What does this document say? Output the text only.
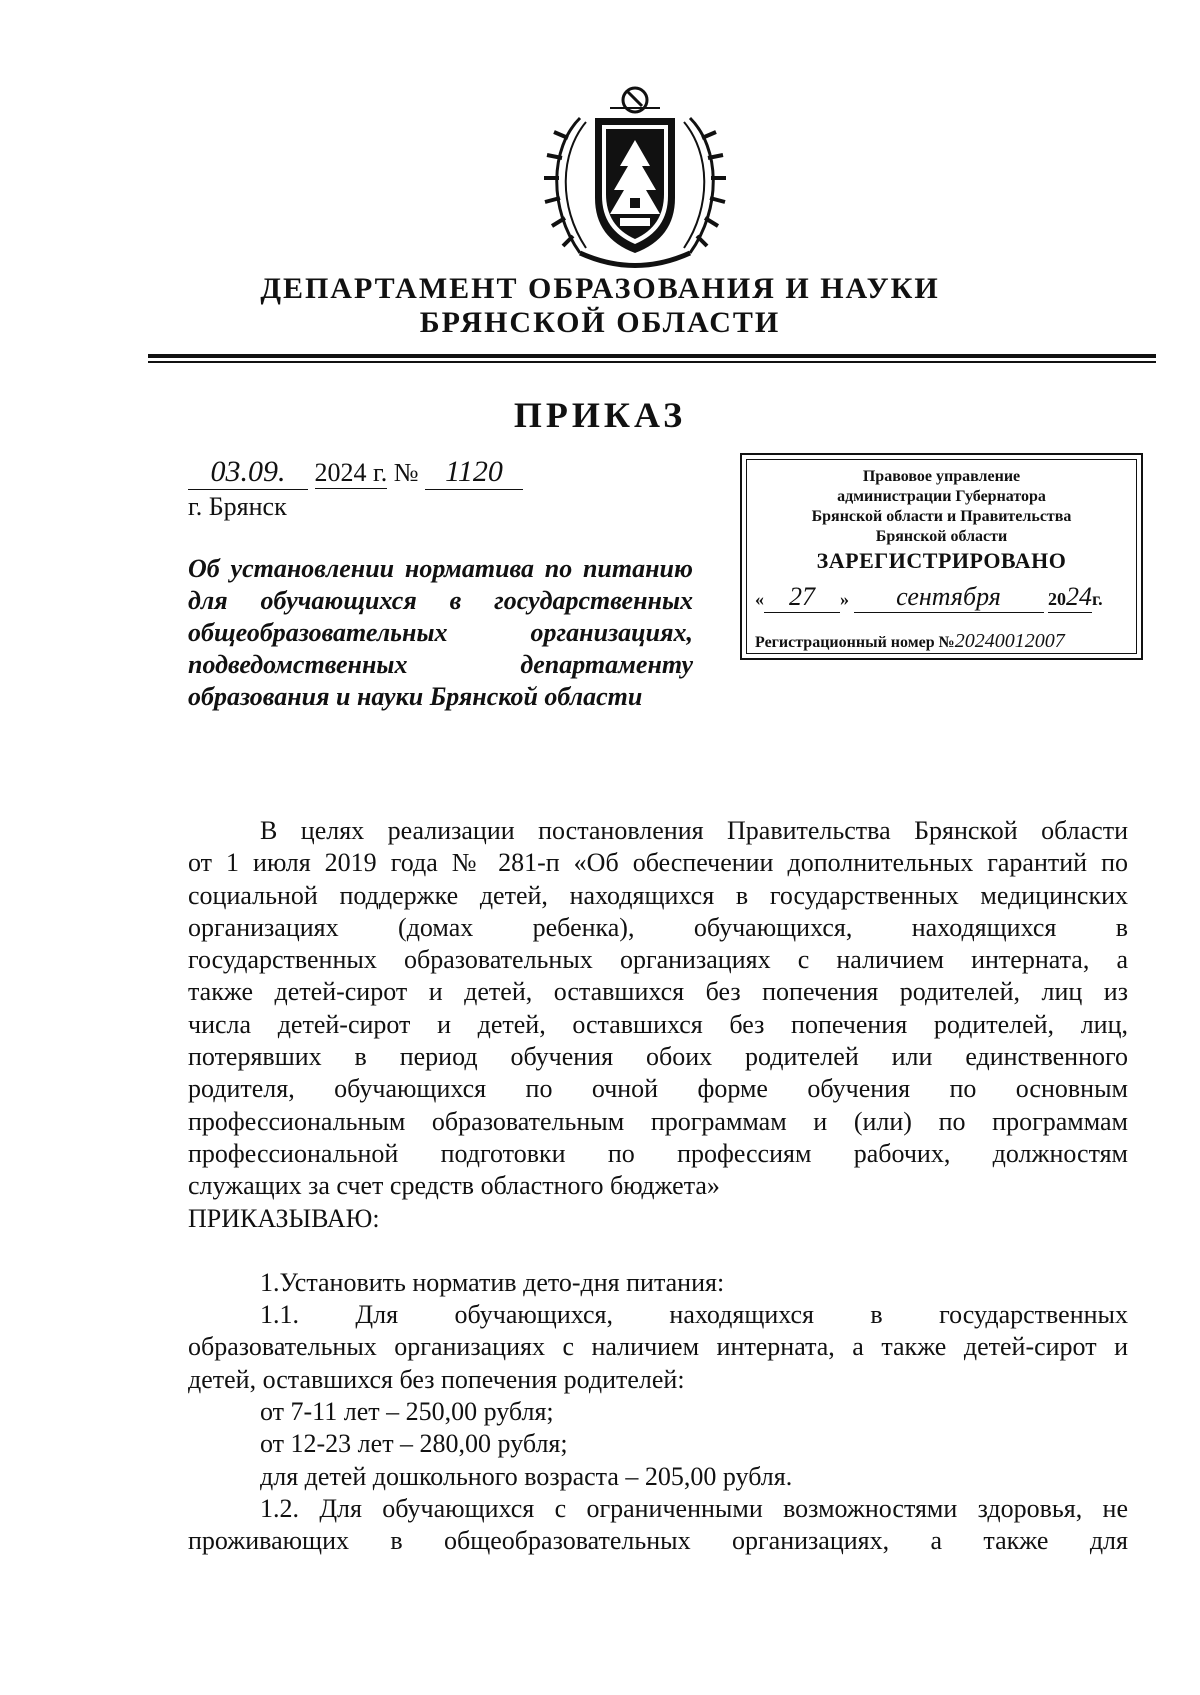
ДЕПАРТАМЕНТ ОБРАЗОВАНИЯ И НАУКИ
БРЯНСКОЙ ОБЛАСТИ
ПРИКАЗ
03.09. 2024 г. № 1120
г. Брянск
Об установлении норматива по питанию для обучающихся в государственных общеобразовательных организациях, подведомственных департаменту образования и науки Брянской области
Правовое управление
администрации Губернатора
Брянской области и Правительства
Брянской области
ЗАРЕГИСТРИРОВАНО
« 27 » сентября	2024г.
Регистрационный номер №20240012007

В целях реализации постановления Правительства Брянской области

от 1 июля 2019 года № 281-п «Об обеспечении дополнительных гарантий по

социальной поддержке детей, находящихся в государственных медицинских

организациях (домах ребенка), обучающихся, находящихся в

государственных образовательных организациях с наличием интерната, а

также детей-сирот и детей, оставшихся без попечения родителей, лиц из

числа детей-сирот и детей, оставшихся без попечения родителей, лиц,

потерявших в период обучения обоих родителей или единственного

родителя, обучающихся по очной форме обучения по основным

профессиональным образовательным программам и (или) по программам

профессиональной подготовки по профессиям рабочих, должностям

служащих за счет средств областного бюджета»

ПРИКАЗЫВАЮ:

1.Установить норматив дето-дня питания:

1.1. Для обучающихся, находящихся в государственных

образовательных организациях с наличием интерната, а также детей-сирот и

детей, оставшихся без попечения родителей:

от 7-11 лет – 250,00 рубля;

от 12-23 лет – 280,00 рубля;

для детей дошкольного возраста – 205,00 рубля.

1.2. Для обучающихся с ограниченными возможностями здоровья, не

проживающих в общеобразовательных организациях, а также для
